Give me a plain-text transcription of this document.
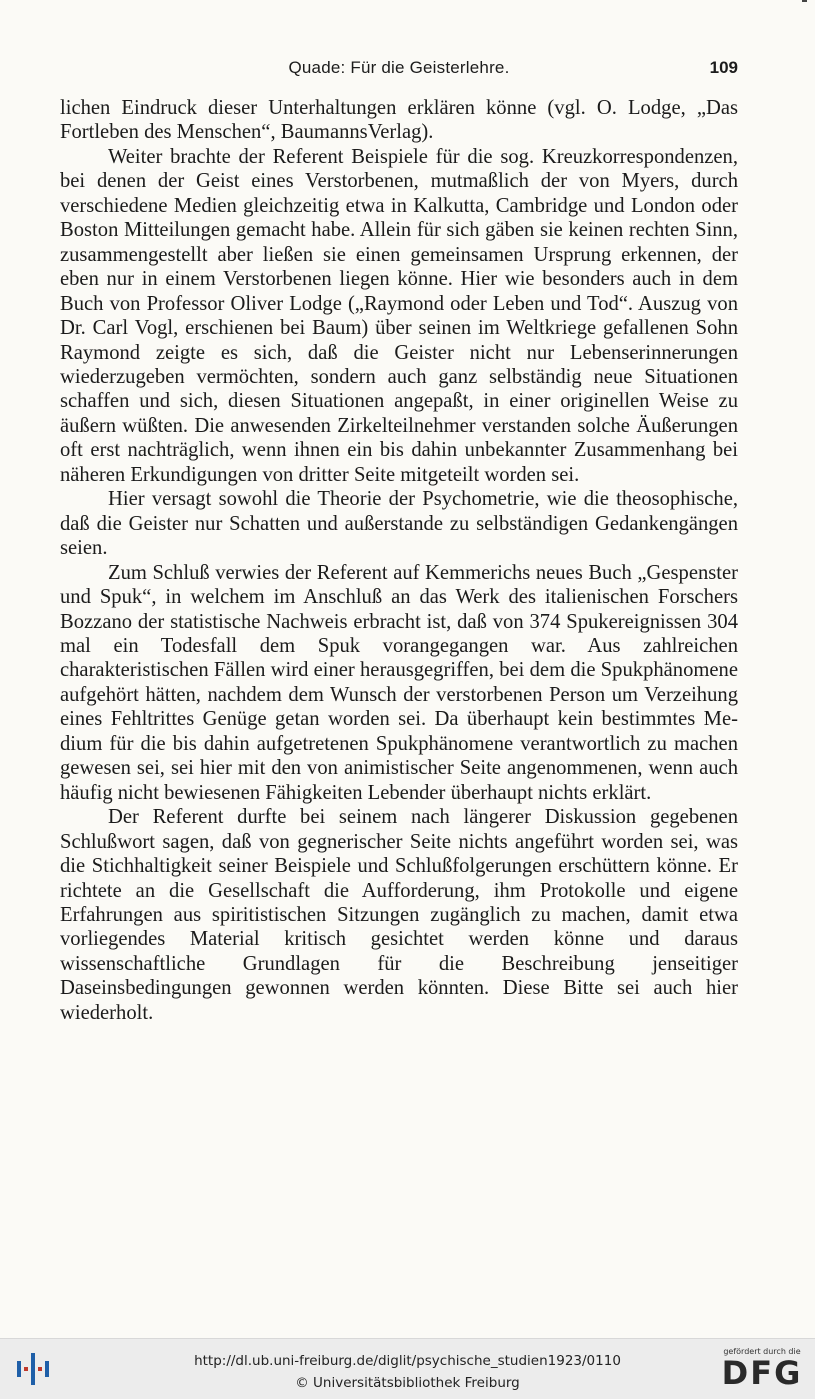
Quade: Für die Geisterlehre.	109

lichen Eindruck dieser Unterhaltungen erklären könne (vgl. O. Lodge, „Das Fortleben des Menschen“, BaumannsVerlag).

Weiter brachte der Referent Beispiele für die sog. Kreuzkorrespondenzen, bei denen der Geist eines Verstorbenen, mutmaßlich der von Myers, durch verschiedene Medien gleichzeitig etwa in Kalkutta, Cambridge und London oder Boston Mitteilungen gemacht habe. Allein für sich gäben sie keinen rechten Sinn, zusammengestellt aber ließen sie einen gemeinsamen Ursprung erkennen, der eben nur in einem Verstorbenen liegen könne. Hier wie besonders auch in dem Buch von Professor Oliver Lodge („Raymond oder Leben und Tod“. Auszug von Dr. Carl Vogl, erschienen bei Baum) über seinen im Weltkriege gefallenen Sohn Raymond zeigte es sich, daß die Geister nicht nur Lebenserinnerungen wiederzugeben vermöchten, sondern auch ganz selbständig neue Situationen schaffen und sich, diesen Situationen angepaßt, in einer originellen Weise zu äußern wüßten. Die anwesenden Zirkelteilnehmer verstanden solche Äußerungen oft erst nachträglich, wenn ihnen ein bis dahin unbekannter Zusammenhang bei näheren Erkundigungen von dritter Seite mitgeteilt worden sei.

Hier versagt sowohl die Theorie der Psychometrie, wie die theosophische, daß die Geister nur Schatten und außerstande zu selbständigen Gedankengängen seien.

Zum Schluß verwies der Referent auf Kemmerichs neues Buch „Gespenster und Spuk“, in welchem im Anschluß an das Werk des italienischen Forschers Bozzano der statistische Nachweis erbracht ist, daß von 374 Spukereignissen 304 mal ein Todesfall dem Spuk vorangegangen war. Aus zahlreichen charakteristischen Fällen wird einer herausgegriffen, bei dem die Spukphänomene aufgehört hätten, nachdem dem Wunsch der verstorbenen Person um Verzeihung eines Fehltrittes Genüge getan worden sei. Da überhaupt kein bestimmtes Medium für die bis dahin aufgetretenen Spukphänomene verantwortlich zu machen gewesen sei, sei hier mit den von animistischer Seite angenommenen, wenn auch häufig nicht bewiesenen Fähigkeiten Lebender überhaupt nichts erklärt.

Der Referent durfte bei seinem nach längerer Diskussion gegebenen Schlußwort sagen, daß von gegnerischer Seite nichts angeführt worden sei, was die Stichhaltigkeit seiner Beispiele und Schlußfolgerungen erschüttern könne. Er richtete an die Gesellschaft die Aufforderung, ihm Protokolle und eigene Erfahrungen aus spiritistischen Sitzungen zugänglich zu machen, damit etwa vorliegendes Material kritisch gesichtet werden könne und daraus wissenschaftliche Grundlagen für die Beschreibung jenseitiger Daseinsbedingungen gewonnen werden könnten. Diese Bitte sei auch hier wiederholt.

http://dl.ub.uni-freiburg.de/diglit/psychische_studien1923/0110
© Universitätsbibliothek Freiburg
gefördert durch die
DFG
